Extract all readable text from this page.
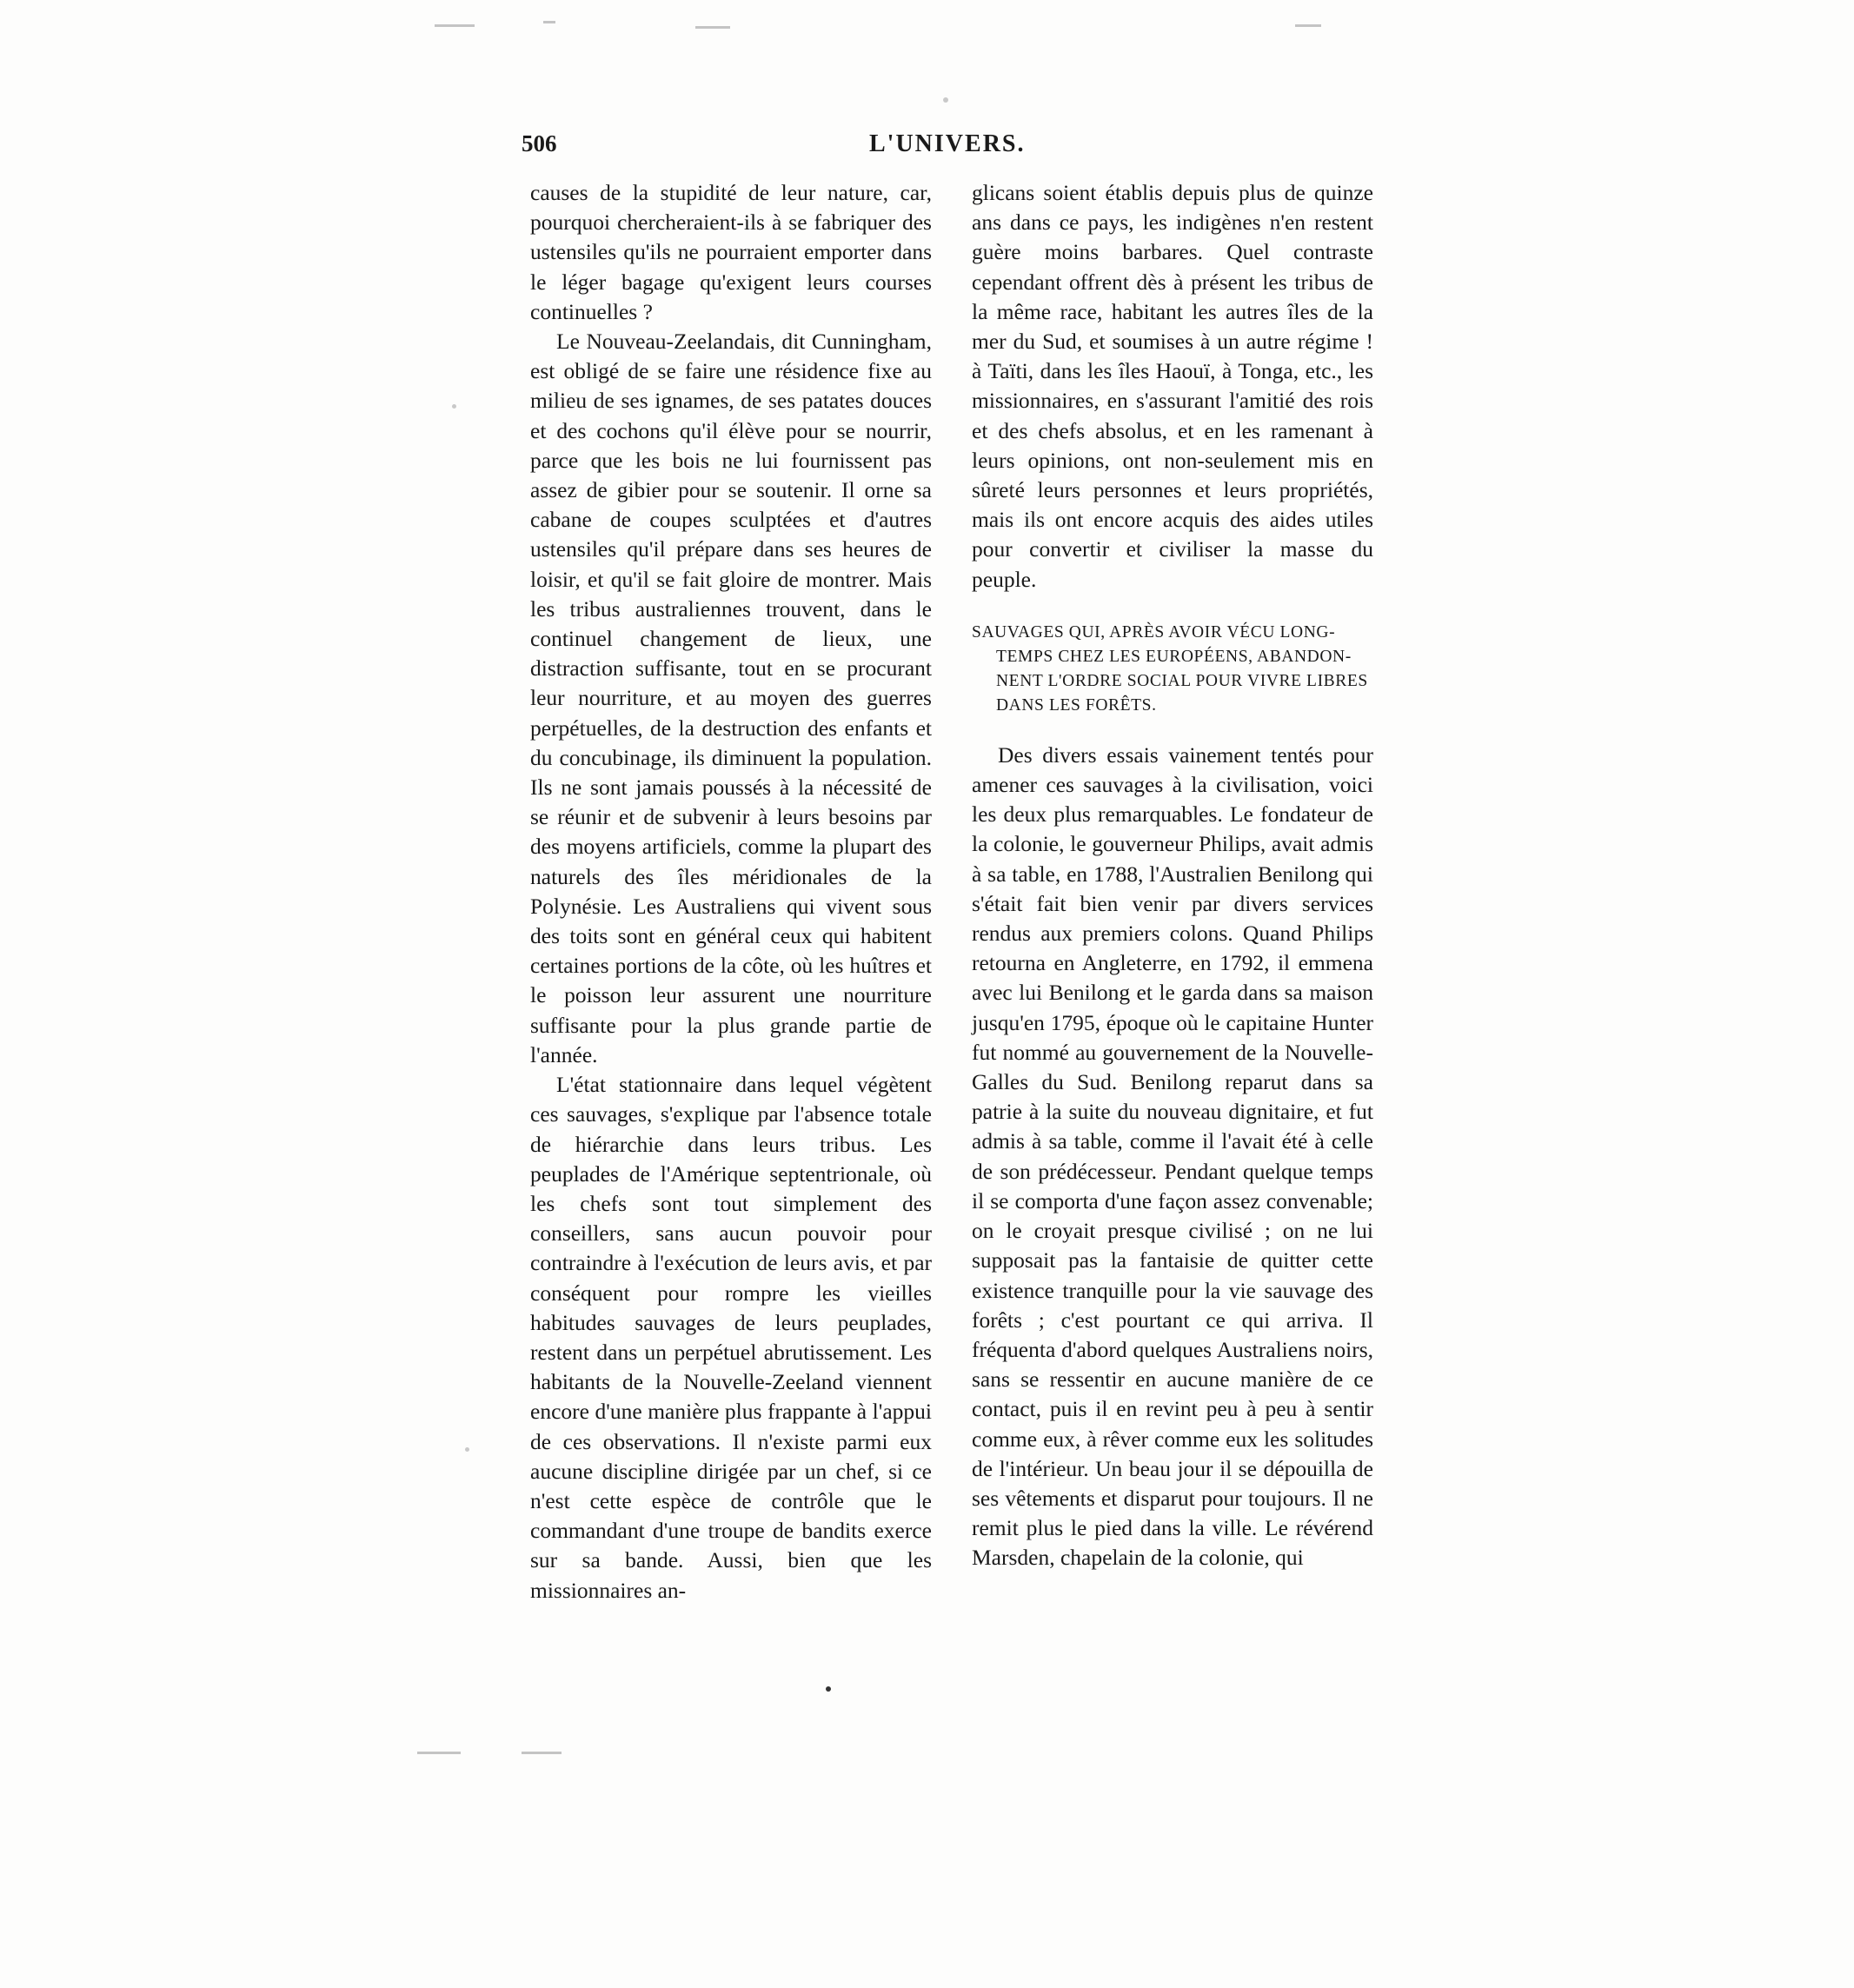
506	L'UNIVERS.

causes de la stupidité de leur nature, car, pourquoi chercheraient-ils à se fabriquer des ustensiles qu'ils ne pourraient emporter dans le léger bagage qu'exigent leurs courses continuelles ?

Le Nouveau-Zeelandais, dit Cunningham, est obligé de se faire une résidence fixe au milieu de ses ignames, de ses patates douces et des cochons qu'il élève pour se nourrir, parce que les bois ne lui fournissent pas assez de gibier pour se soutenir. Il orne sa cabane de coupes sculptées et d'autres ustensiles qu'il prépare dans ses heures de loisir, et qu'il se fait gloire de montrer. Mais les tribus australiennes trouvent, dans le continuel changement de lieux, une distraction suffisante, tout en se procurant leur nourriture, et au moyen des guerres perpétuelles, de la destruction des enfants et du concubinage, ils diminuent la population. Ils ne sont jamais poussés à la nécessité de se réunir et de subvenir à leurs besoins par des moyens artificiels, comme la plupart des naturels des îles méridionales de la Polynésie. Les Australiens qui vivent sous des toits sont en général ceux qui habitent certaines portions de la côte, où les huîtres et le poisson leur assurent une nourriture suffisante pour la plus grande partie de l'année.

L'état stationnaire dans lequel végètent ces sauvages, s'explique par l'absence totale de hiérarchie dans leurs tribus. Les peuplades de l'Amérique septentrionale, où les chefs sont tout simplement des conseillers, sans aucun pouvoir pour contraindre à l'exécution de leurs avis, et par conséquent pour rompre les vieilles habitudes sauvages de leurs peuplades, restent dans un perpétuel abrutissement. Les habitants de la Nouvelle-Zeeland viennent encore d'une manière plus frappante à l'appui de ces observations. Il n'existe parmi eux aucune discipline dirigée par un chef, si ce n'est cette espèce de contrôle que le commandant d'une troupe de bandits exerce sur sa bande. Aussi, bien que les missionnaires an-

glicans soient établis depuis plus de quinze ans dans ce pays, les indigènes n'en restent guère moins barbares. Quel contraste cependant offrent dès à présent les tribus de la même race, habitant les autres îles de la mer du Sud, et soumises à un autre régime ! à Taïti, dans les îles Haouï, à Tonga, etc., les missionnaires, en s'assurant l'amitié des rois et des chefs absolus, et en les ramenant à leurs opinions, ont non-seulement mis en sûreté leurs personnes et leurs propriétés, mais ils ont encore acquis des aides utiles pour convertir et civiliser la masse du peuple.

SAUVAGES QUI, APRÈS AVOIR VÉCU LONG-
TEMPS CHEZ LES EUROPÉENS, ABANDON-
NENT L'ORDRE SOCIAL POUR VIVRE LIBRES
DANS LES FORÊTS.

Des divers essais vainement tentés pour amener ces sauvages à la civilisation, voici les deux plus remarquables. Le fondateur de la colonie, le gouverneur Philips, avait admis à sa table, en 1788, l'Australien Benilong qui s'était fait bien venir par divers services rendus aux premiers colons. Quand Philips retourna en Angleterre, en 1792, il emmena avec lui Benilong et le garda dans sa maison jusqu'en 1795, époque où le capitaine Hunter fut nommé au gouvernement de la Nouvelle-Galles du Sud. Benilong reparut dans sa patrie à la suite du nouveau dignitaire, et fut admis à sa table, comme il l'avait été à celle de son prédécesseur. Pendant quelque temps il se comporta d'une façon assez convenable; on le croyait presque civilisé ; on ne lui supposait pas la fantaisie de quitter cette existence tranquille pour la vie sauvage des forêts ; c'est pourtant ce qui arriva. Il fréquenta d'abord quelques Australiens noirs, sans se ressentir en aucune manière de ce contact, puis il en revint peu à peu à sentir comme eux, à rêver comme eux les solitudes de l'intérieur. Un beau jour il se dépouilla de ses vêtements et disparut pour toujours. Il ne remit plus le pied dans la ville. Le révérend Marsden, chapelain de la colonie, qui
